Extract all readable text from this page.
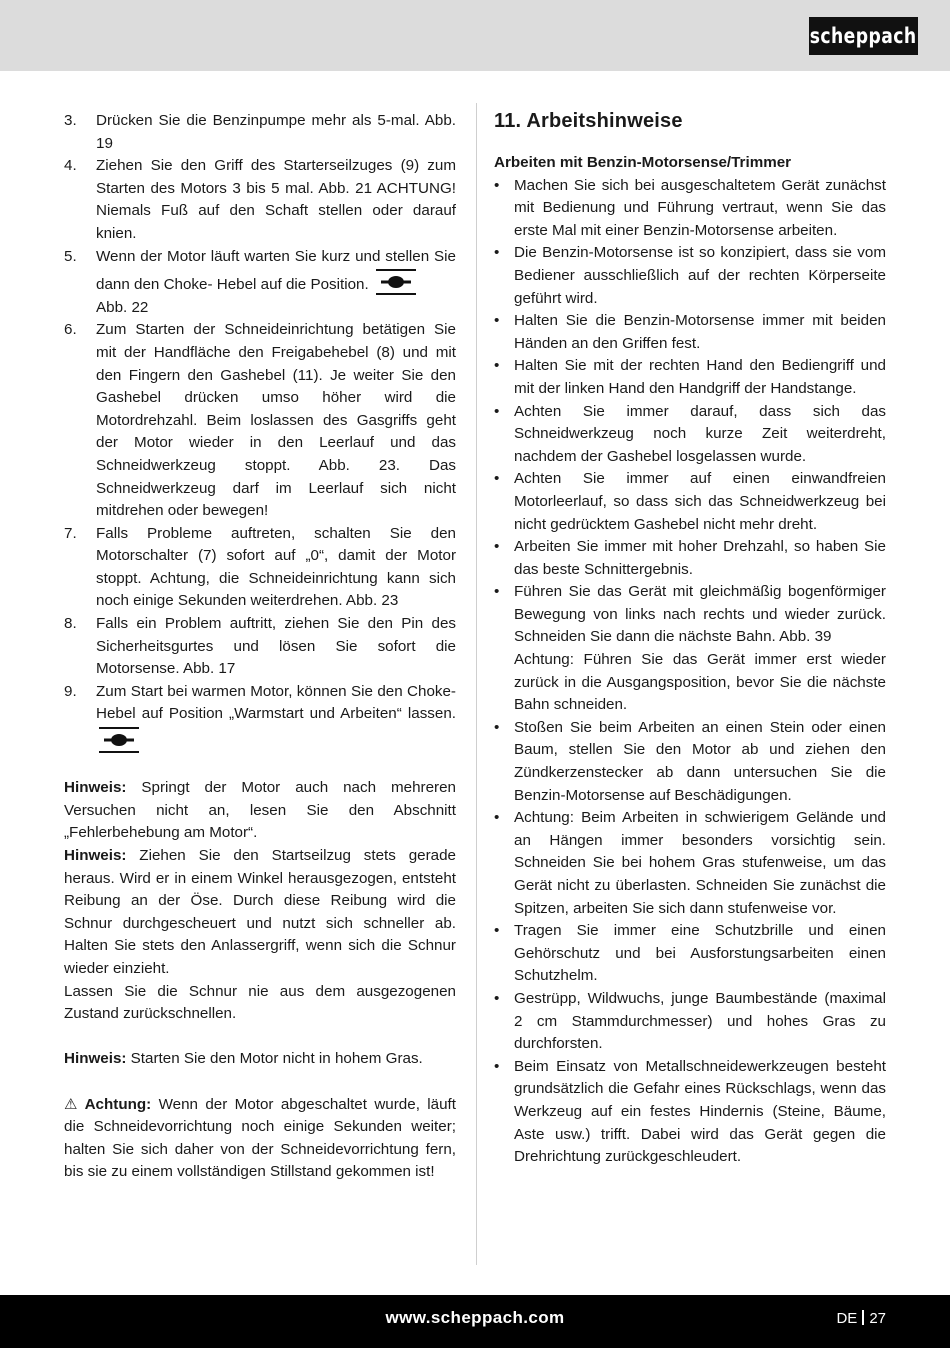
scheppach
3. Drücken Sie die Benzinpumpe mehr als 5-mal. Abb. 19
4. Ziehen Sie den Griff des Starterseilzuges (9) zum Starten des Motors 3 bis 5 mal. Abb. 21 ACHTUNG! Niemals Fuß auf den Schaft stellen oder darauf knien.
5. Wenn der Motor läuft warten Sie kurz und stellen Sie dann den Choke- Hebel auf die Position.
Abb. 22
6. Zum Starten der Schneideinrichtung betätigen Sie mit der Handfläche den Freigabehebel (8) und mit den Fingern den Gashebel (11). Je weiter Sie den Gashebel drücken umso höher wird die Motordrehzahl. Beim loslassen des Gasgriffs geht der Motor wieder in den Leerlauf und das Schneidwerkzeug stoppt. Abb. 23. Das Schneidwerkzeug darf im Leerlauf sich nicht mitdrehen oder bewegen!
7. Falls Probleme auftreten, schalten Sie den Motorschalter (7) sofort auf „0“, damit der Motor stoppt. Achtung, die Schneideinrichtung kann sich noch einige Sekunden weiterdrehen. Abb. 23
8. Falls ein Problem auftritt, ziehen Sie den Pin des Sicherheitsgurtes und lösen Sie sofort die Motorsense. Abb. 17
9. Zum Start bei warmen Motor, können Sie den Choke-Hebel auf Position „Warmstart und Arbeiten“ lassen.

Hinweis: Springt der Motor auch nach mehreren Versuchen nicht an, lesen Sie den Abschnitt „Fehlerbehebung am Motor“.

Hinweis: Ziehen Sie den Startseilzug stets gerade heraus. Wird er in einem Winkel herausgezogen, entsteht Reibung an der Öse. Durch diese Reibung wird die Schnur durchgescheuert und nutzt sich schneller ab. Halten Sie stets den Anlassergriff, wenn sich die Schnur wieder einzieht.

Lassen Sie die Schnur nie aus dem ausgezogenen Zustand zurückschnellen.

Hinweis: Starten Sie den Motor nicht in hohem Gras.

⚠ Achtung: Wenn der Motor abgeschaltet wurde, läuft die Schneidevorrichtung noch einige Sekunden weiter; halten Sie sich daher von der Schneidevorrichtung fern, bis sie zu einem vollständigen Stillstand gekommen ist!

11. Arbeitshinweise

Arbeiten mit Benzin-Motorsense/Trimmer

• Machen Sie sich bei ausgeschaltetem Gerät zunächst mit Bedienung und Führung vertraut, wenn Sie das erste Mal mit einer Benzin-Motorsense arbeiten.
• Die Benzin-Motorsense ist so konzipiert, dass sie vom Bediener ausschließlich auf der rechten Körperseite geführt wird.
• Halten Sie die Benzin-Motorsense immer mit beiden Händen an den Griffen fest.
• Halten Sie mit der rechten Hand den Bediengriff und mit der linken Hand den Handgriff der Handstange.
• Achten Sie immer darauf, dass sich das Schneidwerkzeug noch kurze Zeit weiterdreht, nachdem der Gashebel losgelassen wurde.
• Achten Sie immer auf einen einwandfreien Motorleerlauf, so dass sich das Schneidwerkzeug bei nicht gedrücktem Gashebel nicht mehr dreht.
• Arbeiten Sie immer mit hoher Drehzahl, so haben Sie das beste Schnittergebnis.
• Führen Sie das Gerät mit gleichmäßig bogenförmiger Bewegung von links nach rechts und wieder zurück. Schneiden Sie dann die nächste Bahn. Abb. 39
Achtung: Führen Sie das Gerät immer erst wieder zurück in die Ausgangsposition, bevor Sie die nächste Bahn schneiden.
• Stoßen Sie beim Arbeiten an einen Stein oder einen Baum, stellen Sie den Motor ab und ziehen den Zündkerzenstecker ab dann untersuchen Sie die Benzin-Motorsense auf Beschädigungen.
• Achtung: Beim Arbeiten in schwierigem Gelände und an Hängen immer besonders vorsichtig sein. Schneiden Sie bei hohem Gras stufenweise, um das Gerät nicht zu überlasten. Schneiden Sie zunächst die Spitzen, arbeiten Sie sich dann stufenweise vor.
• Tragen Sie immer eine Schutzbrille und einen Gehörschutz und bei Ausforstungsarbeiten einen Schutzhelm.
• Gestrüpp, Wildwuchs, junge Baumbestände (maximal 2 cm Stammdurchmesser) und hohes Gras zu durchforsten.
• Beim Einsatz von Metallschneidewerkzeugen besteht grundsätzlich die Gefahr eines Rückschlags, wenn das Werkzeug auf ein festes Hindernis (Steine, Bäume, Aste usw.) trifft. Dabei wird das Gerät gegen die Drehrichtung zurückgeschleudert.
www.scheppach.com	DE 27
